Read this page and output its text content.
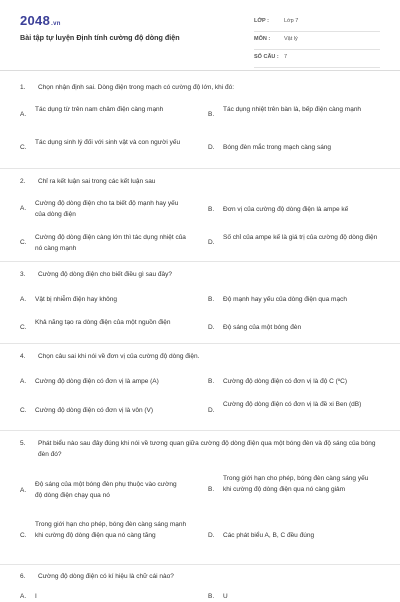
2048.vn
Bài tập tự luyện Định tính cường độ dòng điện
LỚP :	Lớp 7
MÔN :	Vật lý
SỐ CÂU : 7
1. Chọn nhận định sai. Dòng điện trong mạch có cường độ lớn, khi đó:
A.
Tác dụng từ trên nam châm điện càng mạnh
B.
Tác dụng nhiệt trên bàn là, bếp điện càng mạnh
C.
Tác dụng sinh lý đối với sinh vật và con người yếu
D. Bóng đèn mắc trong mạch càng sáng
2. Chỉ ra kết luận sai trong các kết luận sau
A.
Cường độ dòng điện cho ta biết độ mạnh hay yếu của dòng điện
B. Đơn vị của cường độ dòng điện là ampe kế
C.
Cường độ dòng điện càng lớn thì tác dụng nhiệt của nó càng mạnh
D.
Số chỉ của ampe kế là giá trị của cường độ dòng điện
3. Cường độ dòng điện cho biết điều gì sau đây?
A. Vật bị nhiễm điện hay không	B. Độ mạnh hay yếu của dòng điện qua mạch
C.
Khả năng tạo ra dòng điện của một nguồn điện
D. Độ sáng của một bóng đèn
4. Chọn câu sai khi nói về đơn vị của cường độ dòng điện.
A. Cường độ dòng điện có đơn vị là ampe (A)	B. Cường độ dòng điện có đơn vị là độ C (ºC)
C. Cường độ dòng điện có đơn vị là vôn (V)	D.
Cường độ dòng điện có đơn vị là đề xi Ben (dB)
5. Phát biểu nào sau đây đúng khi nói về tương quan giữa cường độ dòng điện qua một bóng đèn và độ sáng của bóng đèn đó?
A.
Độ sáng của một bóng đèn phụ thuộc vào cường độ dòng điện chạy qua nó
B.
Trong giới hạn cho phép, bóng đèn càng sáng yếu khi cường độ dòng điện qua nó càng giảm
C.
Trong giới hạn cho phép, bóng đèn càng sáng mạnh khi cường độ dòng điện qua nó càng tăng	D. Các phát biểu A, B, C đều đúng
6. Cường độ dòng điện có kí hiệu là chữ cái nào?
A. I	B. U
